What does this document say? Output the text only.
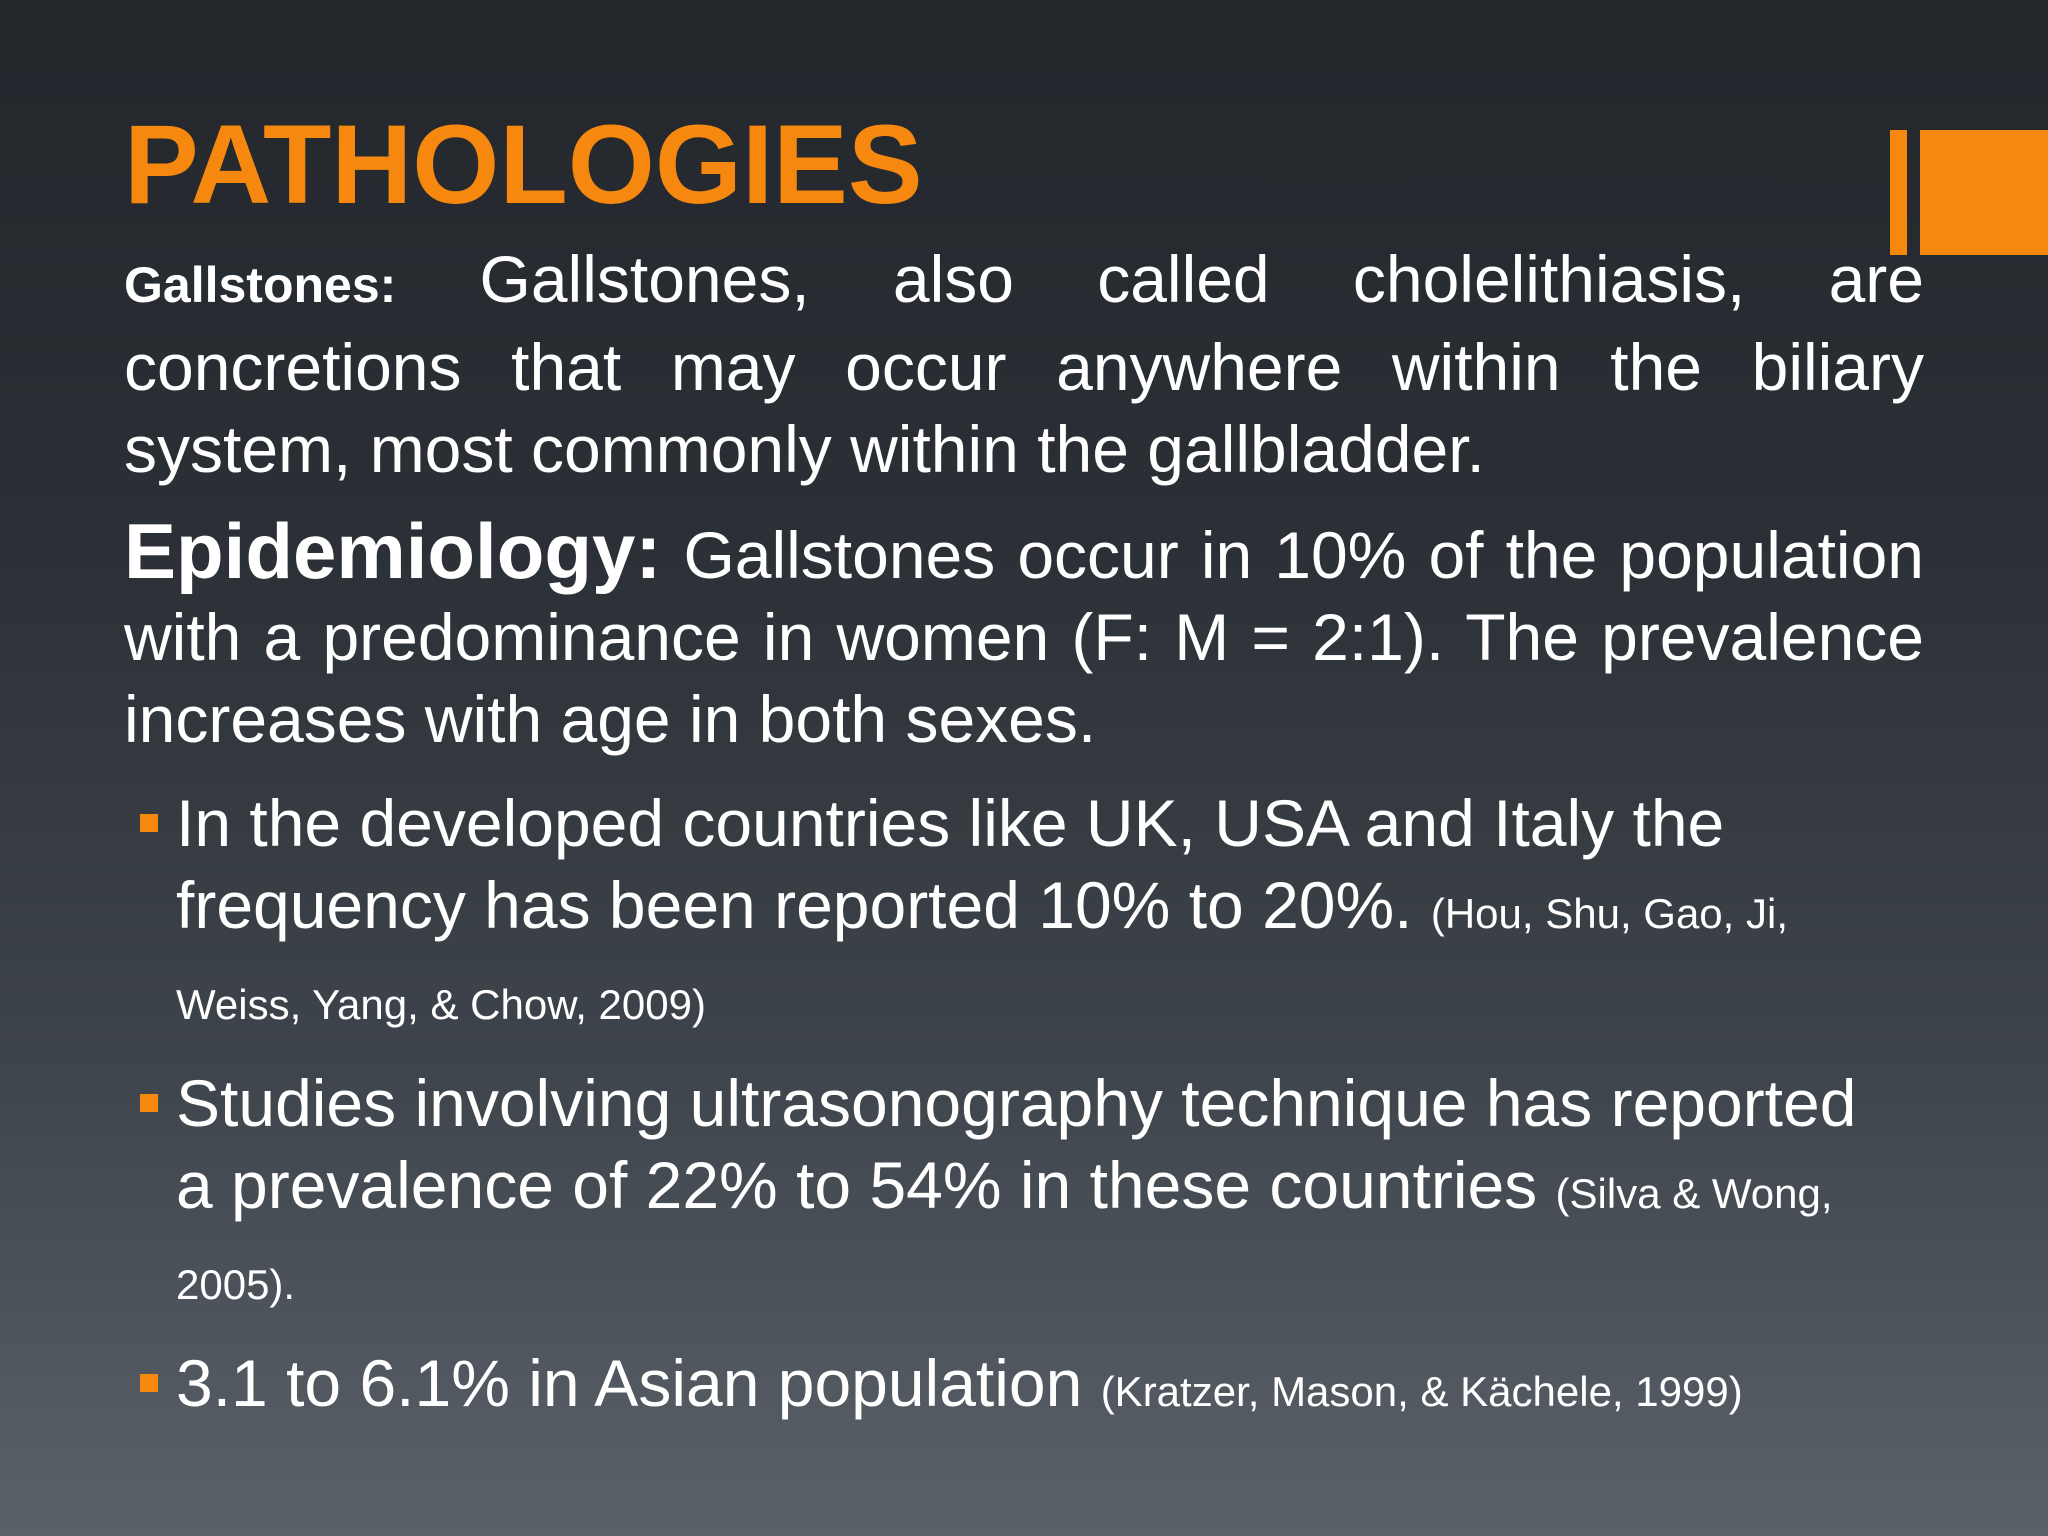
PATHOLOGIES

Gallstones: Gallstones, also called cholelithiasis, are concretions that may occur anywhere within the biliary system, most commonly within the gallbladder.

Epidemiology: Gallstones occur in 10% of the population with a predominance in women (F: M = 2:1). The prevalence increases with age in both sexes.

In the developed countries like UK, USA and Italy the frequency has been reported 10% to 20%. (Hou, Shu, Gao, Ji, Weiss, Yang, & Chow, 2009)
Studies involving ultrasonography technique has reported a prevalence of 22% to 54% in these countries (Silva & Wong, 2005).
3.1 to 6.1% in Asian population (Kratzer, Mason, & Kächele, 1999)
